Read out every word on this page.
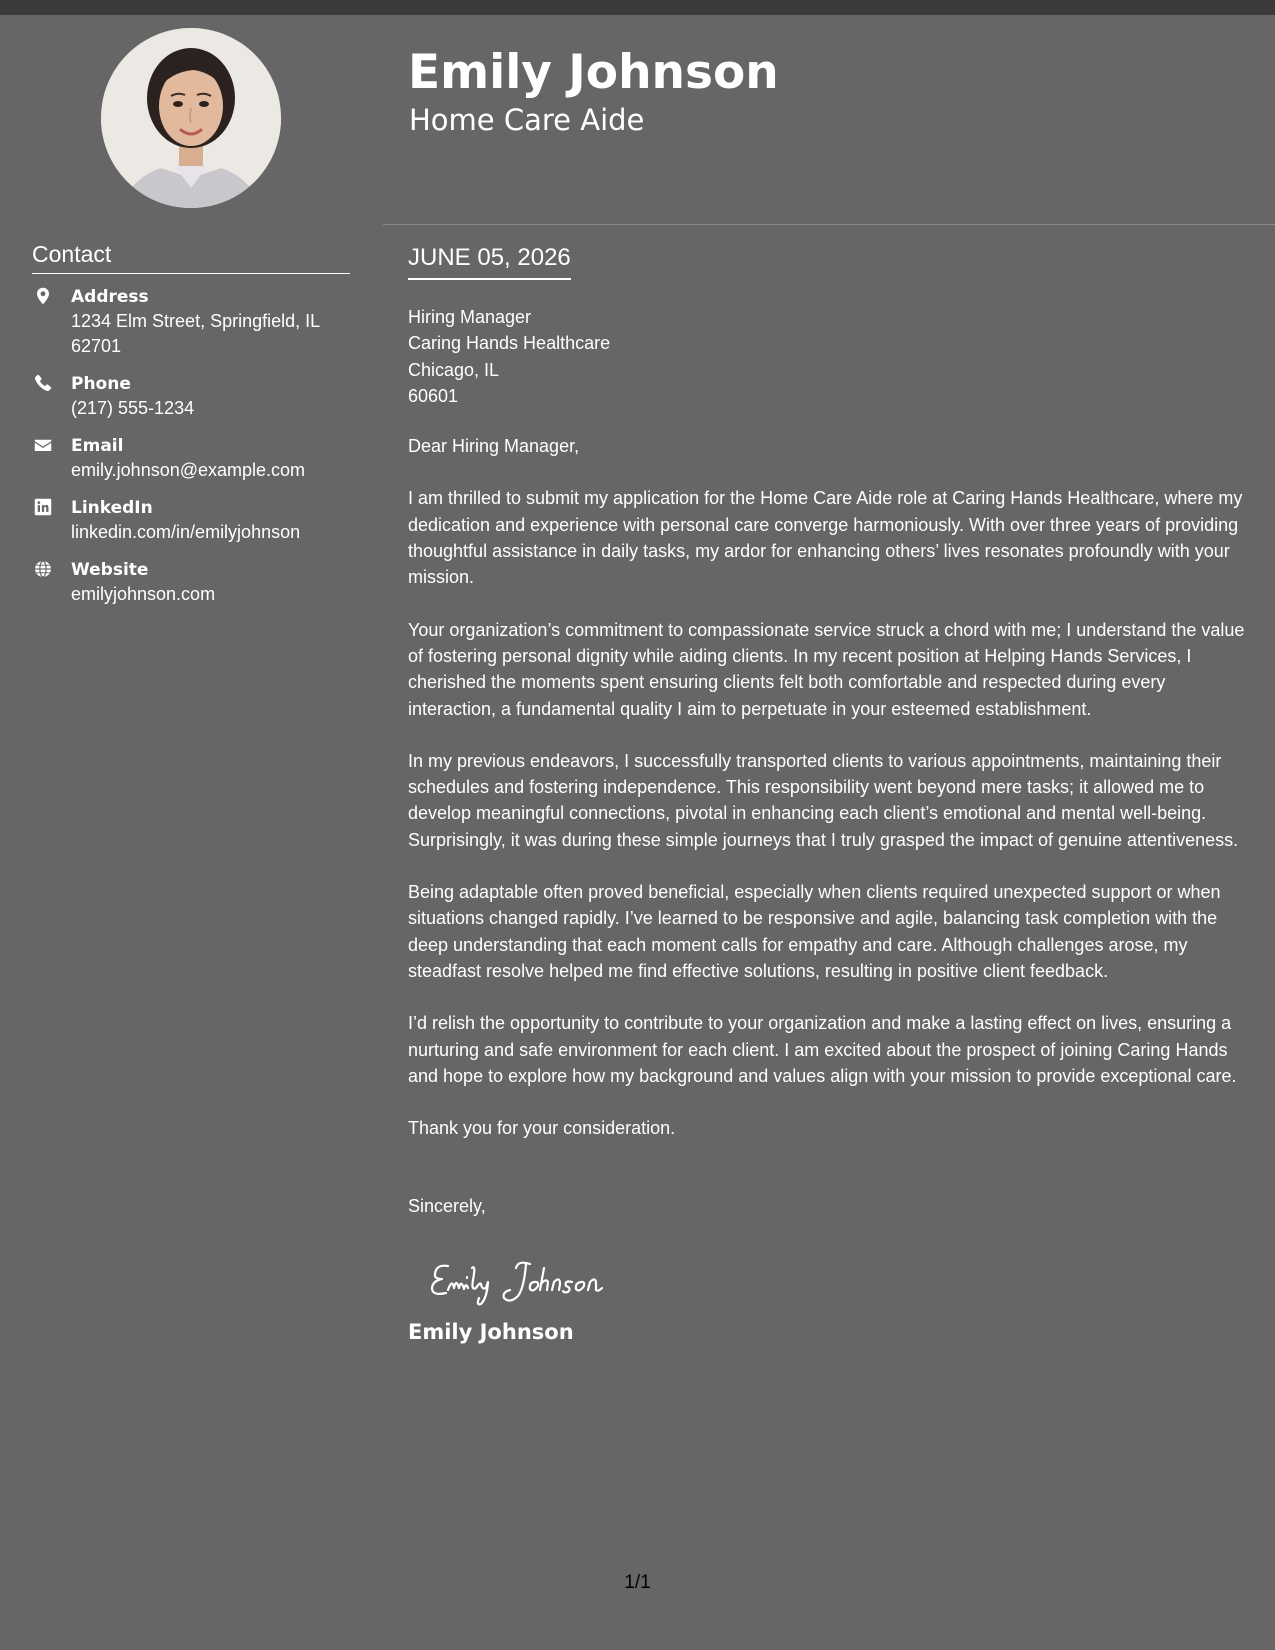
Contact
Address
1234 Elm Street, Springfield, IL 62701
Phone
(217) 555-1234
Email
emily.johnson@example.com
LinkedIn
linkedin.com/in/emilyjohnson
Website
emilyjohnson.com
Emily Johnson
Home Care Aide
JUNE 05, 2026
Hiring Manager
Caring Hands Healthcare
Chicago, IL
60601

Dear Hiring Manager,

I am thrilled to submit my application for the Home Care Aide role at Caring Hands Healthcare, where my dedication and experience with personal care converge harmoniously. With over three years of providing thoughtful assistance in daily tasks, my ardor for enhancing others’ lives resonates profoundly with your mission.

Your organization’s commitment to compassionate service struck a chord with me; I understand the value of fostering personal dignity while aiding clients. In my recent position at Helping Hands Services, I cherished the moments spent ensuring clients felt both comfortable and respected during every interaction, a fundamental quality I aim to perpetuate in your esteemed establishment.

In my previous endeavors, I successfully transported clients to various appointments, maintaining their schedules and fostering independence. This responsibility went beyond mere tasks; it allowed me to develop meaningful connections, pivotal in enhancing each client’s emotional and mental well-being. Surprisingly, it was during these simple journeys that I truly grasped the impact of genuine attentiveness.

Being adaptable often proved beneficial, especially when clients required unexpected support or when situations changed rapidly. I’ve learned to be responsive and agile, balancing task completion with the deep understanding that each moment calls for empathy and care. Although challenges arose, my steadfast resolve helped me find effective solutions, resulting in positive client feedback.

I’d relish the opportunity to contribute to your organization and make a lasting effect on lives, ensuring a nurturing and safe environment for each client. I am excited about the prospect of joining Caring Hands and hope to explore how my background and values align with your mission to provide exceptional care.

Thank you for your consideration.

Sincerely,

Emily Johnson
1/1
